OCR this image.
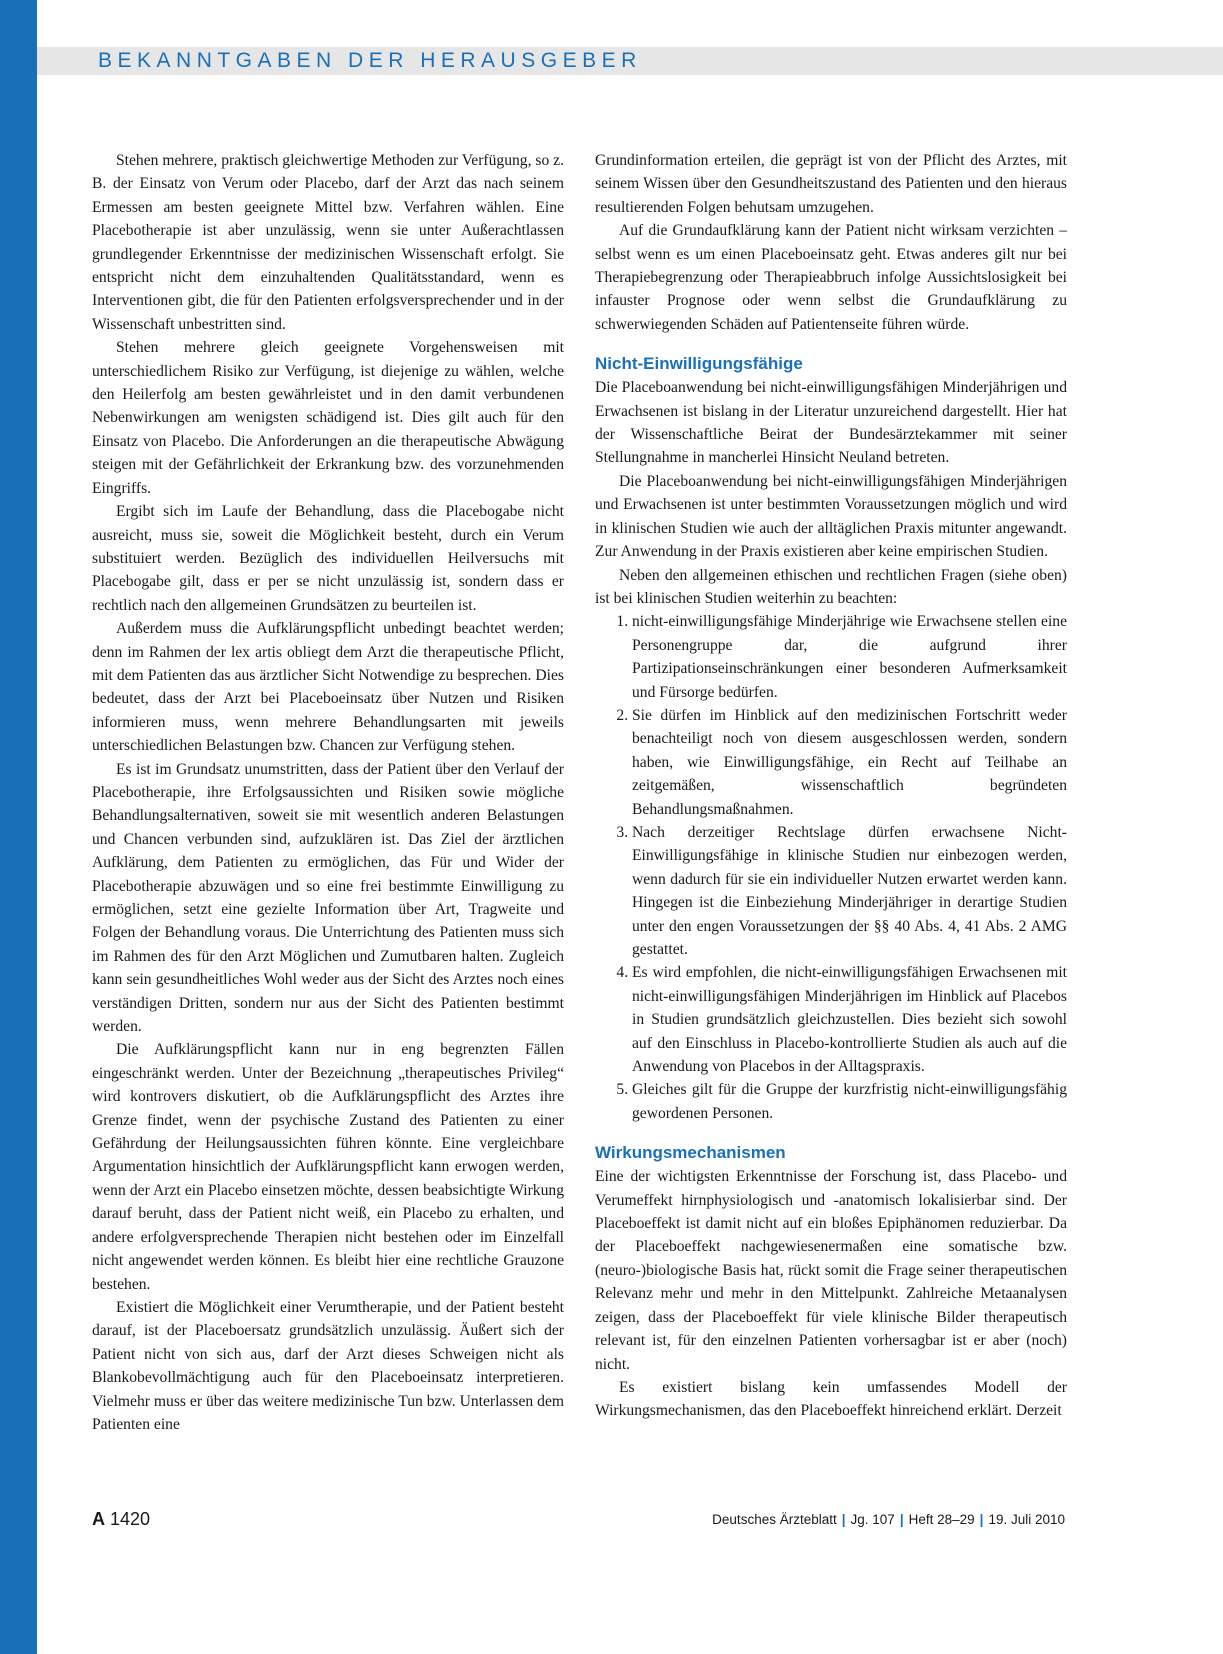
BEKANNTGABEN DER HERAUSGEBER

Stehen mehrere, praktisch gleichwertige Methoden zur Verfügung, so z. B. der Einsatz von Verum oder Placebo, darf der Arzt das nach seinem Ermessen am besten geeignete Mittel bzw. Verfahren wählen. Eine Placebotherapie ist aber unzulässig, wenn sie unter Außerachtlassen grundlegender Erkenntnisse der medizinischen Wissenschaft erfolgt. Sie entspricht nicht dem einzuhaltenden Qualitätsstandard, wenn es Interventionen gibt, die für den Patienten erfolgsversprechender und in der Wissenschaft unbestritten sind.

Stehen mehrere gleich geeignete Vorgehensweisen mit unterschiedlichem Risiko zur Verfügung, ist diejenige zu wählen, welche den Heilerfolg am besten gewährleistet und in den damit verbundenen Nebenwirkungen am wenigsten schädigend ist. Dies gilt auch für den Einsatz von Placebo. Die Anforderungen an die therapeutische Abwägung steigen mit der Gefährlichkeit der Erkrankung bzw. des vorzunehmenden Eingriffs.

Ergibt sich im Laufe der Behandlung, dass die Placebogabe nicht ausreicht, muss sie, soweit die Möglichkeit besteht, durch ein Verum substituiert werden. Bezüglich des individuellen Heilversuchs mit Placebogabe gilt, dass er per se nicht unzulässig ist, sondern dass er rechtlich nach den allgemeinen Grundsätzen zu beurteilen ist.

Außerdem muss die Aufklärungspflicht unbedingt beachtet werden; denn im Rahmen der lex artis obliegt dem Arzt die therapeutische Pflicht, mit dem Patienten das aus ärztlicher Sicht Notwendige zu besprechen. Dies bedeutet, dass der Arzt bei Placeboeinsatz über Nutzen und Risiken informieren muss, wenn mehrere Behandlungsarten mit jeweils unterschiedlichen Belastungen bzw. Chancen zur Verfügung stehen.

Es ist im Grundsatz unumstritten, dass der Patient über den Verlauf der Placebotherapie, ihre Erfolgsaussichten und Risiken sowie mögliche Behandlungsalternativen, soweit sie mit wesentlich anderen Belastungen und Chancen verbunden sind, aufzuklären ist. Das Ziel der ärztlichen Aufklärung, dem Patienten zu ermöglichen, das Für und Wider der Placebotherapie abzuwägen und so eine frei bestimmte Einwilligung zu ermöglichen, setzt eine gezielte Information über Art, Tragweite und Folgen der Behandlung voraus. Die Unterrichtung des Patienten muss sich im Rahmen des für den Arzt Möglichen und Zumutbaren halten. Zugleich kann sein gesundheitliches Wohl weder aus der Sicht des Arztes noch eines verständigen Dritten, sondern nur aus der Sicht des Patienten bestimmt werden.

Die Aufklärungspflicht kann nur in eng begrenzten Fällen eingeschränkt werden. Unter der Bezeichnung „therapeutisches Privileg“ wird kontrovers diskutiert, ob die Aufklärungspflicht des Arztes ihre Grenze findet, wenn der psychische Zustand des Patienten zu einer Gefährdung der Heilungsaussichten führen könnte. Eine vergleichbare Argumentation hinsichtlich der Aufklärungspflicht kann erwogen werden, wenn der Arzt ein Placebo einsetzen möchte, dessen beabsichtigte Wirkung darauf beruht, dass der Patient nicht weiß, ein Placebo zu erhalten, und andere erfolgversprechende Therapien nicht bestehen oder im Einzelfall nicht angewendet werden können. Es bleibt hier eine rechtliche Grauzone bestehen.

Existiert die Möglichkeit einer Verumtherapie, und der Patient besteht darauf, ist der Placeboersatz grundsätzlich unzulässig. Äußert sich der Patient nicht von sich aus, darf der Arzt dieses Schweigen nicht als Blankobevollmächtigung auch für den Placeboeinsatz interpretieren. Vielmehr muss er über das weitere medizinische Tun bzw. Unterlassen dem Patienten eine

Grundinformation erteilen, die geprägt ist von der Pflicht des Arztes, mit seinem Wissen über den Gesundheitszustand des Patienten und den hieraus resultierenden Folgen behutsam umzugehen.

Auf die Grundaufklärung kann der Patient nicht wirksam verzichten – selbst wenn es um einen Placeboeinsatz geht. Etwas anderes gilt nur bei Therapiebegrenzung oder Therapieabbruch infolge Aussichtslosigkeit bei infauster Prognose oder wenn selbst die Grundaufklärung zu schwerwiegenden Schäden auf Patientenseite führen würde.

Nicht-Einwilligungsfähige

Die Placeboanwendung bei nicht-einwilligungsfähigen Minderjährigen und Erwachsenen ist bislang in der Literatur unzureichend dargestellt. Hier hat der Wissenschaftliche Beirat der Bundesärztekammer mit seiner Stellungnahme in mancherlei Hinsicht Neuland betreten.

Die Placeboanwendung bei nicht-einwilligungsfähigen Minderjährigen und Erwachsenen ist unter bestimmten Voraussetzungen möglich und wird in klinischen Studien wie auch der alltäglichen Praxis mitunter angewandt. Zur Anwendung in der Praxis existieren aber keine empirischen Studien.

Neben den allgemeinen ethischen und rechtlichen Fragen (siehe oben) ist bei klinischen Studien weiterhin zu beachten:

1. nicht-einwilligungsfähige Minderjährige wie Erwachsene stellen eine Personengruppe dar, die aufgrund ihrer Partizipationseinschränkungen einer besonderen Aufmerksamkeit und Fürsorge bedürfen.
2. Sie dürfen im Hinblick auf den medizinischen Fortschritt weder benachteiligt noch von diesem ausgeschlossen werden, sondern haben, wie Einwilligungsfähige, ein Recht auf Teilhabe an zeitgemäßen, wissenschaftlich begründeten Behandlungsmaßnahmen.
3. Nach derzeitiger Rechtslage dürfen erwachsene Nicht-Einwilligungsfähige in klinische Studien nur einbezogen werden, wenn dadurch für sie ein individueller Nutzen erwartet werden kann. Hingegen ist die Einbeziehung Minderjähriger in derartige Studien unter den engen Voraussetzungen der §§ 40 Abs. 4, 41 Abs. 2 AMG gestattet.
4. Es wird empfohlen, die nicht-einwilligungsfähigen Erwachsenen mit nicht-einwilligungsfähigen Minderjährigen im Hinblick auf Placebos in Studien grundsätzlich gleichzustellen. Dies bezieht sich sowohl auf den Einschluss in Placebo-kontrollierte Studien als auch auf die Anwendung von Placebos in der Alltagspraxis.
5. Gleiches gilt für die Gruppe der kurzfristig nicht-einwilligungsfähig gewordenen Personen.
Wirkungsmechanismen

Eine der wichtigsten Erkenntnisse der Forschung ist, dass Placebo- und Verumeffekt hirnphysiologisch und -anatomisch lokalisierbar sind. Der Placeboeffekt ist damit nicht auf ein bloßes Epiphänomen reduzierbar. Da der Placeboeffekt nachgewiesenermaßen eine somatische bzw. (neuro-)biologische Basis hat, rückt somit die Frage seiner therapeutischen Relevanz mehr und mehr in den Mittelpunkt. Zahlreiche Metaanalysen zeigen, dass der Placeboeffekt für viele klinische Bilder therapeutisch relevant ist, für den einzelnen Patienten vorhersagbar ist er aber (noch) nicht.

Es existiert bislang kein umfassendes Modell der Wirkungsmechanismen, das den Placeboeffekt hinreichend erklärt. Derzeit

A 1420	Deutsches Ärzteblatt | Jg. 107 | Heft 28–29 | 19. Juli 2010
